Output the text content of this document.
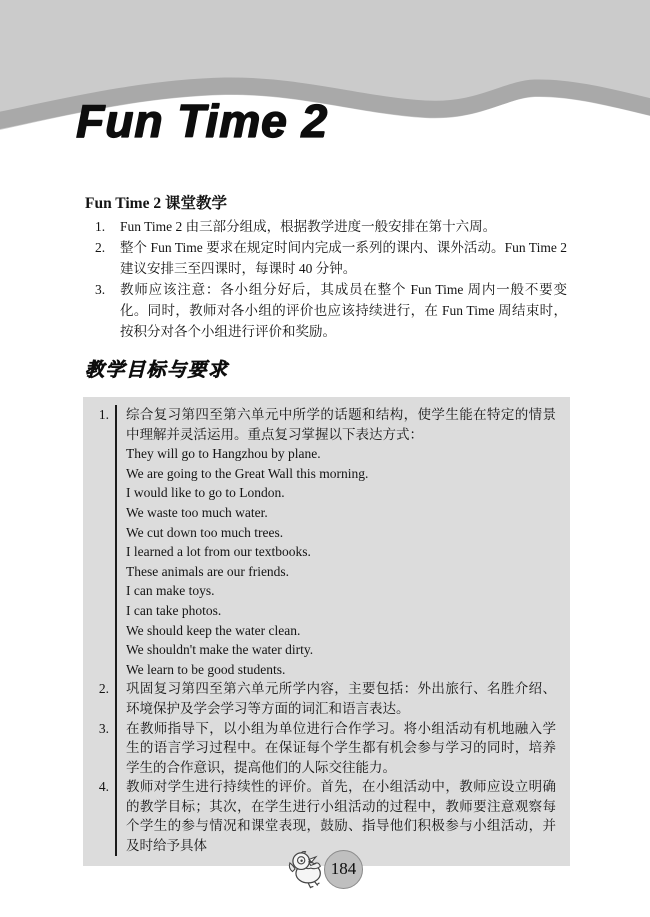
Fun Time 2
Fun Time 2 课堂教学
1.	Fun Time 2 由三部分组成，根据教学进度一般安排在第十六周。
2.	整个 Fun Time 要求在规定时间内完成一系列的课内、课外活动。Fun Time 2 建议安排三至四课时，每课时 40 分钟。
3.	教师应该注意：各小组分好后，其成员在整个 Fun Time 周内一般不要变化。同时，教师对各小组的评价也应该持续进行，在 Fun Time 周结束时，按积分对各个小组进行评价和奖励。
教学目标与要求
1.	综合复习第四至第六单元中所学的话题和结构，使学生能在特定的情景中理解并灵活运用。重点复习掌握以下表达方式：
They will go to Hangzhou by plane.
We are going to the Great Wall this morning.
I would like to go to London.
We waste too much water.
We cut down too much trees.
I learned a lot from our textbooks.
These animals are our friends.
I can make toys.
I can take photos.
We should keep the water clean.
We shouldn't make the water dirty.
We learn to be good students.
2.	巩固复习第四至第六单元所学内容，主要包括：外出旅行、名胜介绍、环境保护及学会学习等方面的词汇和语言表达。
3.	在教师指导下，以小组为单位进行合作学习。将小组活动有机地融入学生的语言学习过程中。在保证每个学生都有机会参与学习的同时，培养学生的合作意识，提高他们的人际交往能力。
4.	教师对学生进行持续性的评价。首先，在小组活动中，教师应设立明确的教学目标；其次，在学生进行小组活动的过程中，教师要注意观察每个学生的参与情况和课堂表现，鼓励、指导他们积极参与小组活动，并及时给予具体
184
